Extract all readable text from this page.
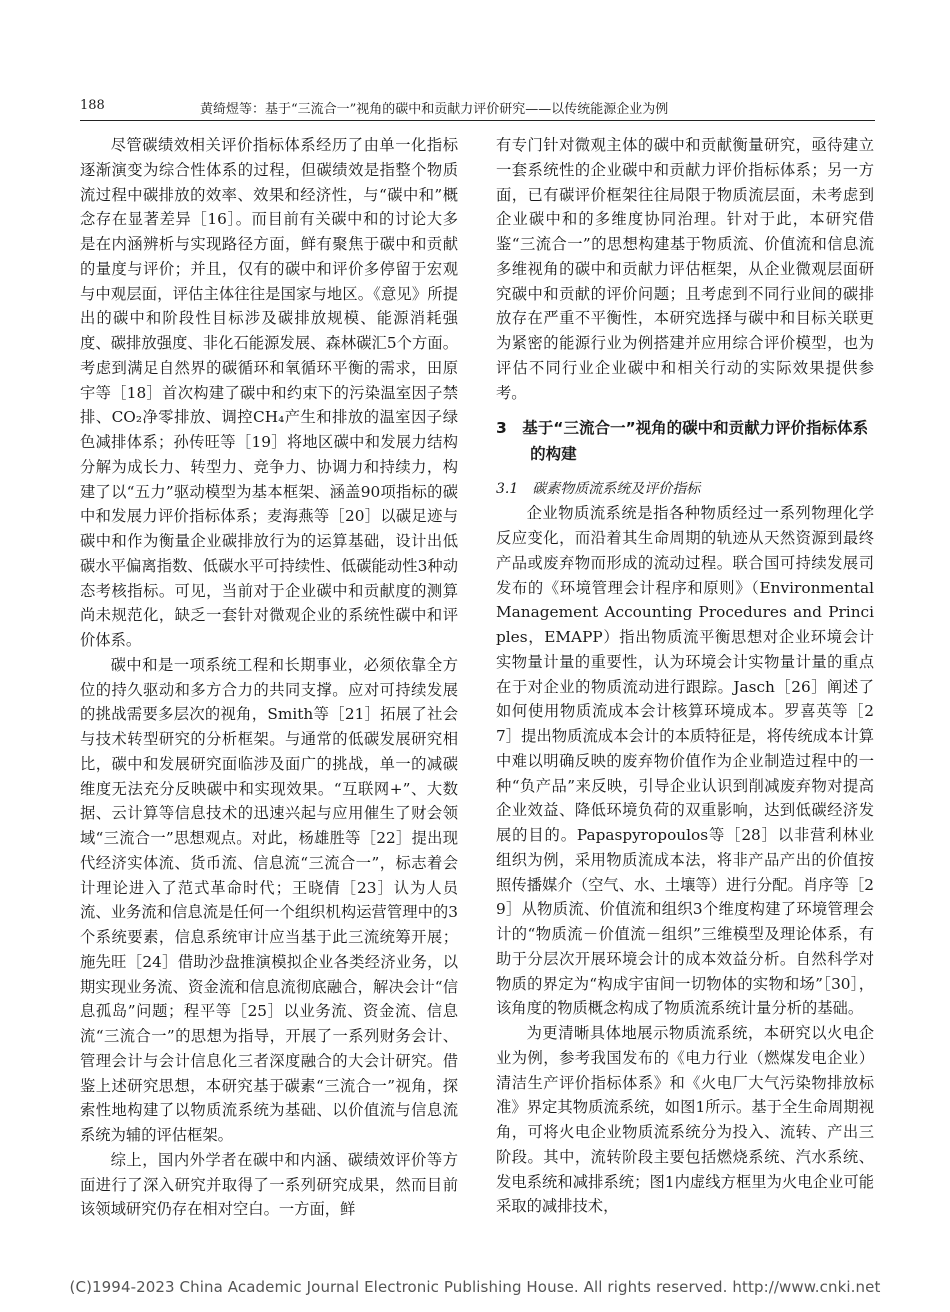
188	黄绮煜等：基于“三流合一”视角的碳中和贡献力评价研究——以传统能源企业为例

尽管碳绩效相关评价指标体系经历了由单一化指标逐渐演变为综合性体系的过程，但碳绩效是指整个物质流过程中碳排放的效率、效果和经济性，与“碳中和”概念存在显著差异［16］。而目前有关碳中和的讨论大多是在内涵辨析与实现路径方面，鲜有聚焦于碳中和贡献的量度与评价；并且，仅有的碳中和评价多停留于宏观与中观层面，评估主体往往是国家与地区。《意见》所提出的碳中和阶段性目标涉及碳排放规模、能源消耗强度、碳排放强度、非化石能源发展、森林碳汇5个方面。考虑到满足自然界的碳循环和氧循环平衡的需求，田原宇等［18］首次构建了碳中和约束下的污染温室因子禁排、CO₂净零排放、调控CH₄产生和排放的温室因子绿色减排体系；孙传旺等［19］将地区碳中和发展力结构分解为成长力、转型力、竞争力、协调力和持续力，构建了以“五力”驱动模型为基本框架、涵盖90项指标的碳中和发展力评价指标体系；麦海燕等［20］以碳足迹与碳中和作为衡量企业碳排放行为的运算基础，设计出低碳水平偏离指数、低碳水平可持续性、低碳能动性3种动态考核指标。可见，当前对于企业碳中和贡献度的测算尚未规范化，缺乏一套针对微观企业的系统性碳中和评价体系。

碳中和是一项系统工程和长期事业，必须依靠全方位的持久驱动和多方合力的共同支撑。应对可持续发展的挑战需要多层次的视角，Smith等［21］拓展了社会与技术转型研究的分析框架。与通常的低碳发展研究相比，碳中和发展研究面临涉及面广的挑战，单一的减碳维度无法充分反映碳中和实现效果。“互联网+”、大数据、云计算等信息技术的迅速兴起与应用催生了财会领域“三流合一”思想观点。对此，杨雄胜等［22］提出现代经济实体流、货币流、信息流“三流合一”，标志着会计理论进入了范式革命时代；王晓倩［23］认为人员流、业务流和信息流是任何一个组织机构运营管理中的3个系统要素，信息系统审计应当基于此三流统筹开展；施先旺［24］借助沙盘推演模拟企业各类经济业务，以期实现业务流、资金流和信息流彻底融合，解决会计“信息孤岛”问题；程平等［25］以业务流、资金流、信息流“三流合一”的思想为指导，开展了一系列财务会计、管理会计与会计信息化三者深度融合的大会计研究。借鉴上述研究思想，本研究基于碳素“三流合一”视角，探索性地构建了以物质流系统为基础、以价值流与信息流系统为辅的评估框架。

综上，国内外学者在碳中和内涵、碳绩效评价等方面进行了深入研究并取得了一系列研究成果，然而目前该领域研究仍存在相对空白。一方面，鲜

有专门针对微观主体的碳中和贡献衡量研究，亟待建立一套系统性的企业碳中和贡献力评价指标体系；另一方面，已有碳评价框架往往局限于物质流层面，未考虑到企业碳中和的多维度协同治理。针对于此，本研究借鉴“三流合一”的思想构建基于物质流、价值流和信息流多维视角的碳中和贡献力评估框架，从企业微观层面研究碳中和贡献的评价问题；且考虑到不同行业间的碳排放存在严重不平衡性，本研究选择与碳中和目标关联更为紧密的能源行业为例搭建并应用综合评价模型，也为评估不同行业企业碳中和相关行动的实际效果提供参考。

3　基于“三流合一”视角的碳中和贡献力评价指标体系的构建
3.1　碳素物质流系统及评价指标

企业物质流系统是指各种物质经过一系列物理化学反应变化，而沿着其生命周期的轨迹从天然资源到最终产品或废弃物而形成的流动过程。联合国可持续发展司发布的《环境管理会计程序和原则》（Environmental Management Accounting Procedures and Principles，EMAPP）指出物质流平衡思想对企业环境会计实物量计量的重要性，认为环境会计实物量计量的重点在于对企业的物质流动进行跟踪。Jasch［26］阐述了如何使用物质流成本会计核算环境成本。罗喜英等［27］提出物质流成本会计的本质特征是，将传统成本计算中难以明确反映的废弃物价值作为企业制造过程中的一种“负产品”来反映，引导企业认识到削减废弃物对提高企业效益、降低环境负荷的双重影响，达到低碳经济发展的目的。Papaspyropoulos等［28］以非营利林业组织为例，采用物质流成本法，将非产品产出的价值按照传播媒介（空气、水、土壤等）进行分配。肖序等［29］从物质流、价值流和组织3个维度构建了环境管理会计的“物质流－价值流－组织”三维模型及理论体系，有助于分层次开展环境会计的成本效益分析。自然科学对物质的界定为“构成宇宙间一切物体的实物和场”［30］，该角度的物质概念构成了物质流系统计量分析的基础。

为更清晰具体地展示物质流系统，本研究以火电企业为例，参考我国发布的《电力行业（燃煤发电企业）清洁生产评价指标体系》和《火电厂大气污染物排放标准》界定其物质流系统，如图1所示。基于全生命周期视角，可将火电企业物质流系统分为投入、流转、产出三阶段。其中，流转阶段主要包括燃烧系统、汽水系统、发电系统和减排系统；图1内虚线方框里为火电企业可能采取的减排技术，

(C)1994-2023 China Academic Journal Electronic Publishing House. All rights reserved. http://www.cnki.net
